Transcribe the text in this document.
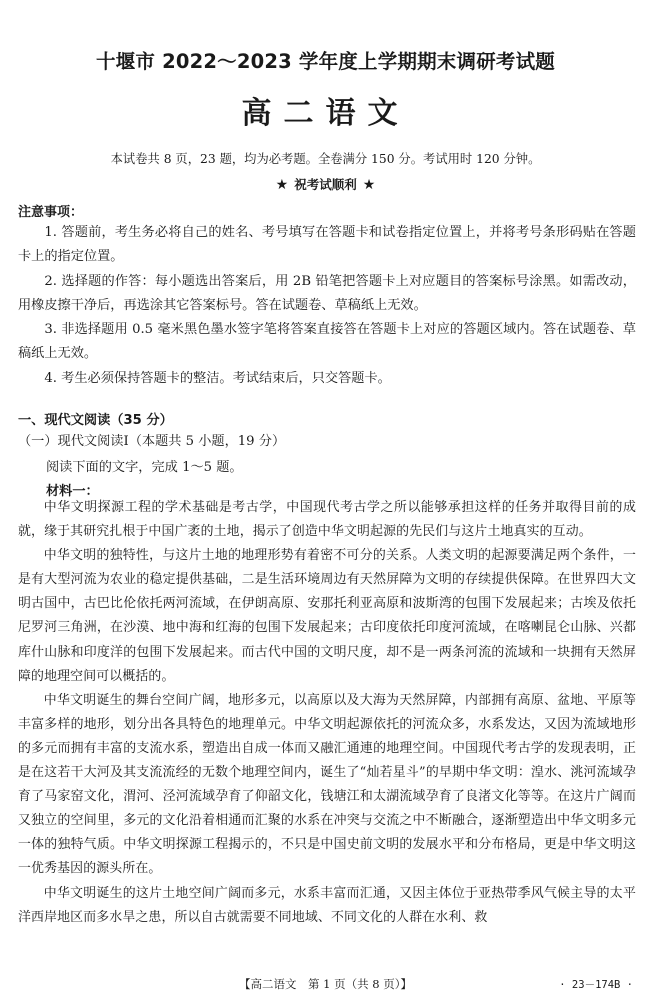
十堰市 2022～2023 学年度上学期期末调研考试题
高二语文
本试卷共 8 页，23 题，均为必考题。全卷满分 150 分。考试用时 120 分钟。
★ 祝考试顺利 ★
注意事项：

1. 答题前，考生务必将自己的姓名、考号填写在答题卡和试卷指定位置上，并将考号条形码贴在答题卡上的指定位置。

2. 选择题的作答：每小题选出答案后，用 2B 铅笔把答题卡上对应题目的答案标号涂黑。如需改动，用橡皮擦干净后，再选涂其它答案标号。答在试题卷、草稿纸上无效。

3. 非选择题用 0.5 毫米黑色墨水签字笔将答案直接答在答题卡上对应的答题区域内。答在试题卷、草稿纸上无效。

4. 考生必须保持答题卡的整洁。考试结束后，只交答题卡。

一、现代文阅读（35 分）
（一）现代文阅读Ⅰ（本题共 5 小题，19 分）
阅读下面的文字，完成 1～5 题。
材料一：

中华文明探源工程的学术基础是考古学，中国现代考古学之所以能够承担这样的任务并取得目前的成就，缘于其研究扎根于中国广袤的土地，揭示了创造中华文明起源的先民们与这片土地真实的互动。

中华文明的独特性，与这片土地的地理形势有着密不可分的关系。人类文明的起源要满足两个条件，一是有大型河流为农业的稳定提供基础，二是生活环境周边有天然屏障为文明的存续提供保障。在世界四大文明古国中，古巴比伦依托两河流域，在伊朗高原、安那托利亚高原和波斯湾的包围下发展起来；古埃及依托尼罗河三角洲，在沙漠、地中海和红海的包围下发展起来；古印度依托印度河流域，在喀喇昆仑山脉、兴都库什山脉和印度洋的包围下发展起来。而古代中国的文明尺度，却不是一两条河流的流域和一块拥有天然屏障的地理空间可以概括的。

中华文明诞生的舞台空间广阔，地形多元，以高原以及大海为天然屏障，内部拥有高原、盆地、平原等丰富多样的地形，划分出各具特色的地理单元。中华文明起源依托的河流众多，水系发达，又因为流域地形的多元而拥有丰富的支流水系，塑造出自成一体而又融汇通連的地理空间。中国现代考古学的发现表明，正是在这若干大河及其支流流经的无数个地理空间内，诞生了“灿若星斗”的早期中华文明：湟水、洮河流域孕育了马家窑文化，渭河、泾河流域孕育了仰韶文化，钱塘江和太湖流域孕育了良渚文化等等。在这片广阔而又独立的空间里，多元的文化沿着相通而汇聚的水系在冲突与交流之中不断融合，逐渐塑造出中华文明多元一体的独特气质。中华文明探源工程揭示的，不只是中国史前文明的发展水平和分布格局，更是中华文明这一优秀基因的源头所在。

中华文明诞生的这片土地空间广阔而多元，水系丰富而汇通，又因主体位于亚热带季风气候主导的太平洋西岸地区而多水旱之患，所以自古就需要不同地域、不同文化的人群在水利、救

【高二语文　第 1 页（共 8 页）】	· 23－174B ·
